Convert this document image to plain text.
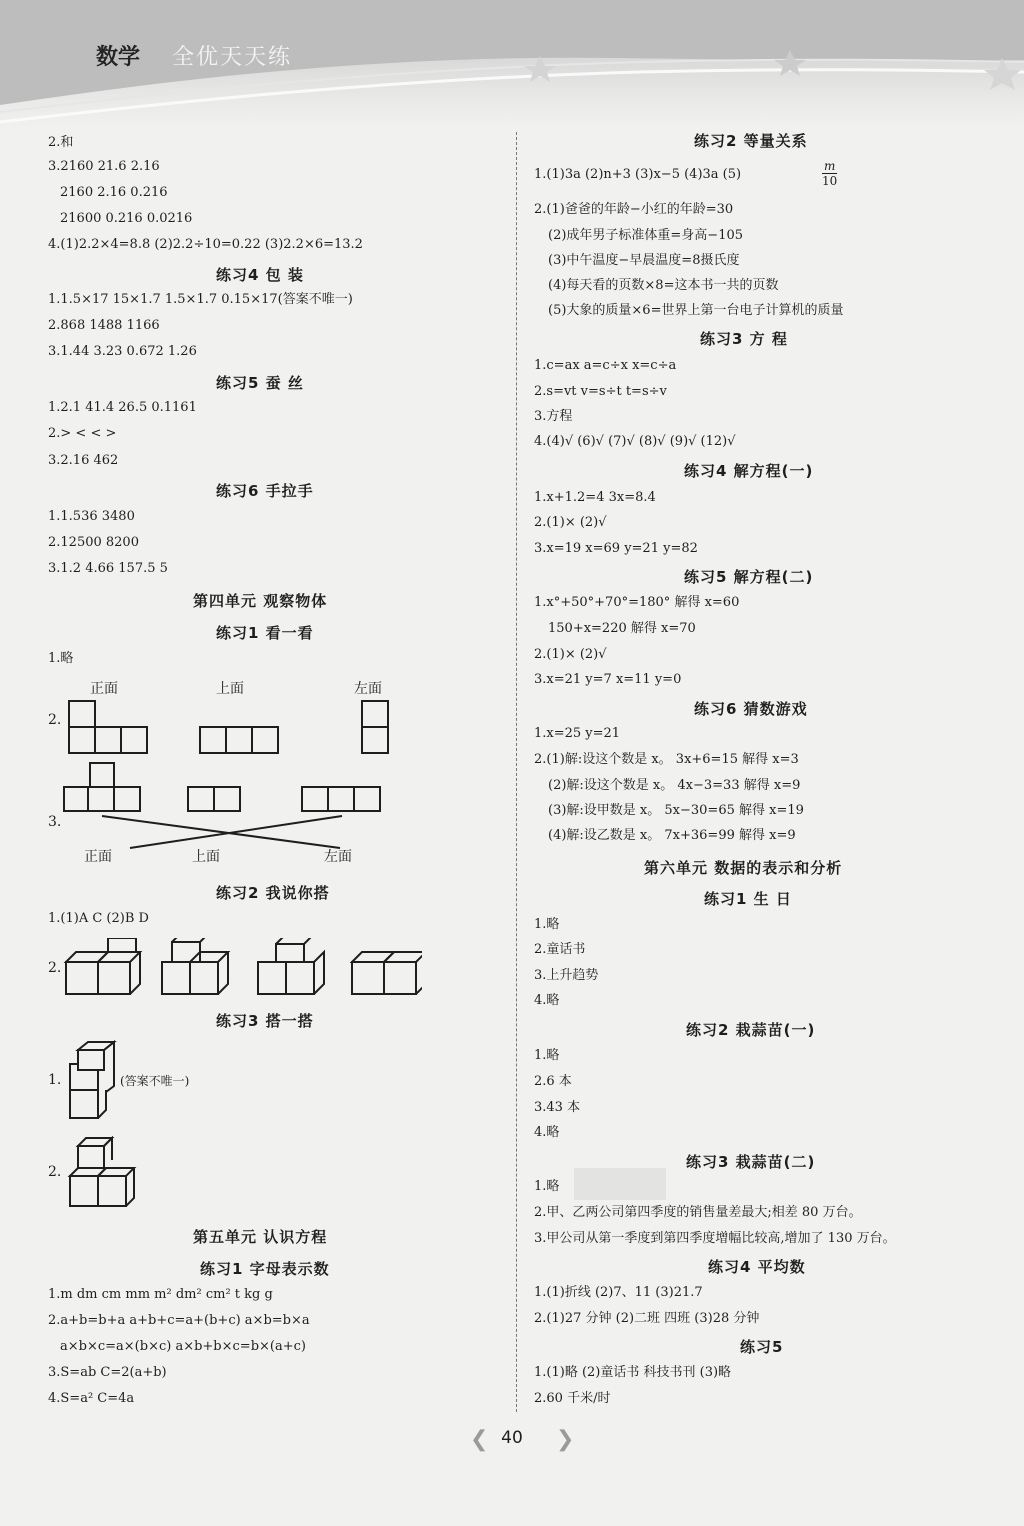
数学 全优天天练
正面	上面	左面
2.
3.
正面	上面	左面
2.
1.	(答案不唯一)
2.
2.和
3.2160 21.6 2.16
2160 2.16 0.216
21600 0.216 0.0216
4.(1)2.2×4=8.8 (2)2.2÷10=0.22 (3)2.2×6=13.2
1.1.5×17 15×1.7 1.5×1.7 0.15×17(答案不唯一)
2.868 1488 1166
3.1.44 3.23 0.672 1.26
1.2.1 41.4 26.5 0.1161
2.> < < >
3.2.16 462
1.1.536 3480
2.12500 8200
3.1.2 4.66 157.5 5
1.略
1.(1)A C (2)B D
1.m dm cm mm m² dm² cm² t kg g
2.a+b=b+a a+b+c=a+(b+c) a×b=b×a
a×b×c=a×(b×c) a×b+b×c=b×(a+c)
3.S=ab C=2(a+b)
4.S=a² C=4a
练习4 包 装
练习5 蚕 丝
练习6 手拉手
第四单元 观察物体
练习1 看一看
练习2 我说你搭
练习3 搭一搭
第五单元 认识方程
练习1 字母表示数
$\frac{m}{10}$
1.(1)3a (2)n+3 (3)x−5 (4)3a (5)
2.(1)爸爸的年龄−小红的年龄=30
(2)成年男子标准体重=身高−105
(3)中午温度−早晨温度=8摄氏度
(4)每天看的页数×8=这本书一共的页数
(5)大象的质量×6=世界上第一台电子计算机的质量
1.c=ax a=c÷x x=c÷a
2.s=vt v=s÷t t=s÷v
3.方程
4.(4)√ (6)√ (7)√ (8)√ (9)√ (12)√
1.x+1.2=4 3x=8.4
2.(1)× (2)√
3.x=19 x=69 y=21 y=82
1.x°+50°+70°=180° 解得 x=60
150+x=220 解得 x=70
2.(1)× (2)√
3.x=21 y=7 x=11 y=0
1.x=25 y=21
2.(1)解:设这个数是 x。 3x+6=15 解得 x=3
(2)解:设这个数是 x。 4x−3=33 解得 x=9
(3)解:设甲数是 x。 5x−30=65 解得 x=19
(4)解:设乙数是 x。 7x+36=99 解得 x=9
1.略
2.童话书
3.上升趋势
4.略
1.略
2.6 本
3.43 本
4.略
1.略
2.甲、乙两公司第四季度的销售量差最大;相差 80 万台。
3.甲公司从第一季度到第四季度增幅比较高,增加了 130 万台。
1.(1)折线 (2)7、11 (3)21.7
2.(1)27 分钟 (2)二班 四班 (3)28 分钟
1.(1)略 (2)童话书 科技书刊 (3)略
2.60 千米/时
练习2 等量关系
练习3 方 程
练习4 解方程(一)
练习5 解方程(二)
练习6 猜数游戏
第六单元 数据的表示和分析
练习1 生 日
练习2 栽蒜苗(一)
练习3 栽蒜苗(二)
练习4 平均数
练习5
❮ 40 ❯
